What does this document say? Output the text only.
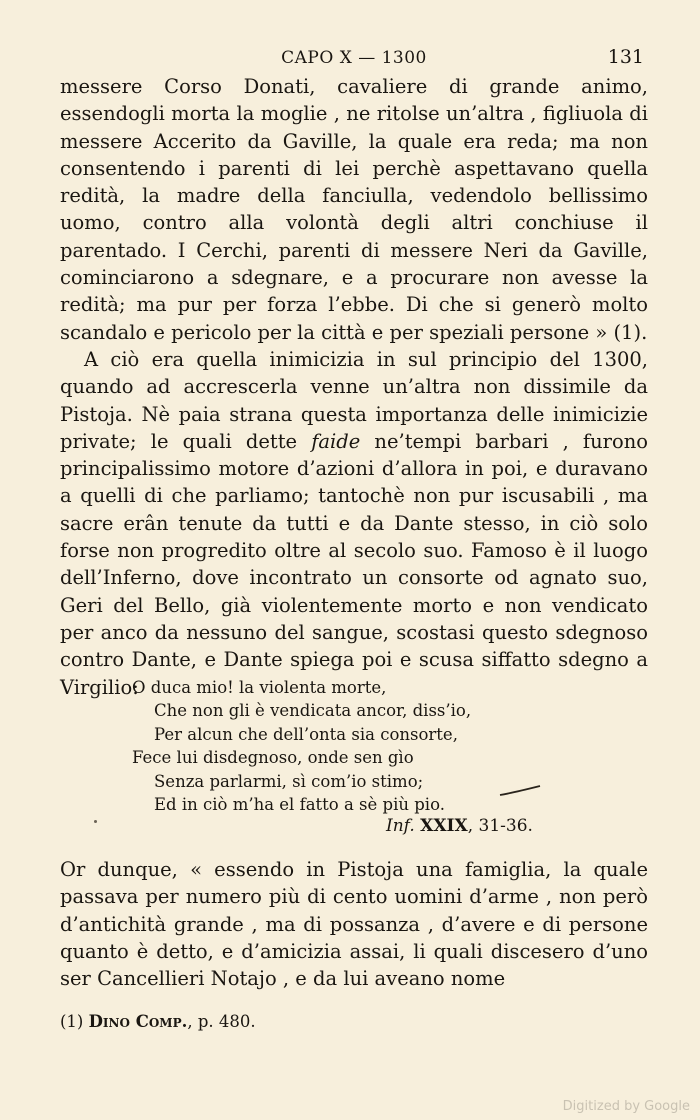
CAPO X — 1300	131

messere Corso Donati, cavaliere di grande animo, essendogli morta la moglie , ne ritolse un’altra , figliuola di messere Accerito da Gaville, la quale era reda; ma non consentendo i parenti di lei perchè aspettavano quella redità, la madre della fanciulla, vedendolo bellissimo uomo, contro alla volontà degli altri conchiuse il parentado. I Cerchi, parenti di messere Neri da Gaville, cominciarono a sdegnare, e a procurare non avesse la redità; ma pur per forza l’ebbe. Di che si generò molto scandalo e pericolo per la città e per speziali persone » (1).

A ciò era quella inimicizia in sul principio del 1300, quando ad accrescerla venne un’altra non dissimile da Pistoja. Nè paia strana questa importanza delle inimicizie private; le quali dette faide ne’tempi barbari , furono principalissimo motore d’azioni d’allora in poi, e duravano a quelli di che parliamo; tantochè non pur iscusabili , ma sacre erân tenute da tutti e da Dante stesso, in ciò solo forse non progredito oltre al secolo suo. Famoso è il luogo dell’Inferno, dove incontrato un consorte od agnato suo, Geri del Bello, già violentemente morto e non vendicato per anco da nessuno del sangue, scostasi questo sdegnoso contro Dante, e Dante spiega poi e scusa siffatto sdegno a Virgilio:

O duca mio! la violenta morte,
Che non gli è vendicata ancor, diss’io,
Per alcun che dell’onta sia consorte,
Fece lui disdegnoso, onde sen gìo
Senza parlarmi, sì com’io stimo;
Ed in ciò m’ha el fatto a sè più pio.
Inf. XXIX, 31-36.

Or dunque, « essendo in Pistoja una famiglia, la quale passava per numero più di cento uomini d’arme , non però d’antichità grande , ma di possanza , d’avere e di persone quanto è detto, e d’amicizia assai, li quali discesero d’uno ser Cancellieri Notajo , e da lui aveano nome

(1) Dino Comp., p. 480.
Digitized by Google
